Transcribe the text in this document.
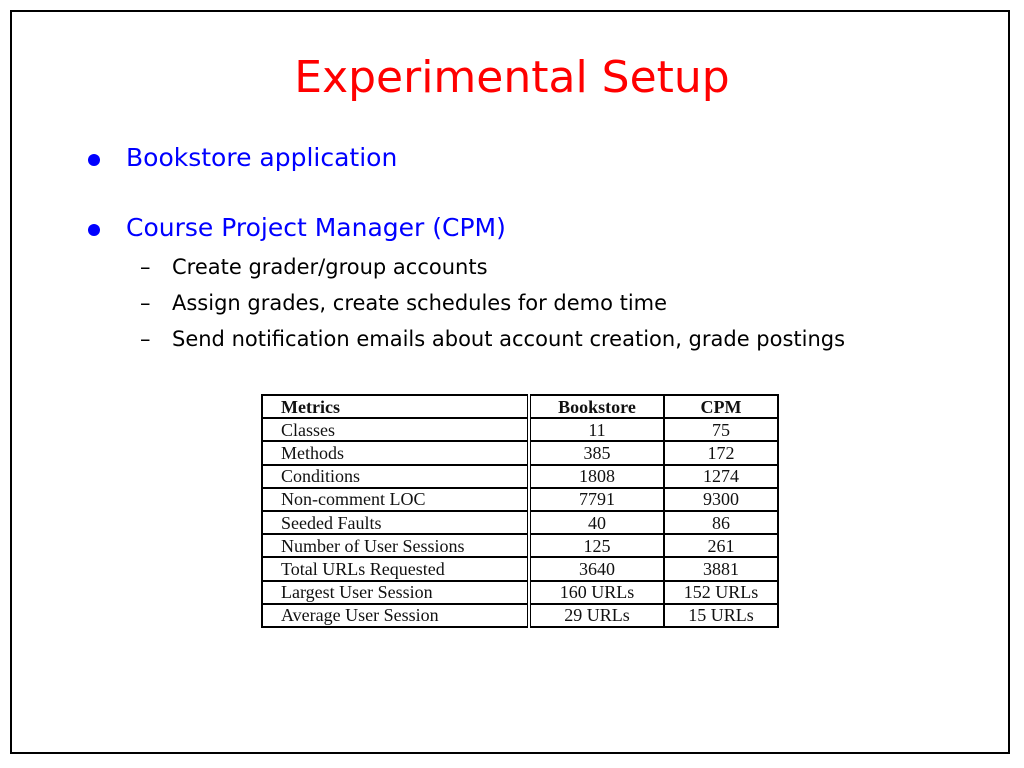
Experimental Setup
Bookstore application
Course Project Manager (CPM)
– Create grader/group accounts
– Assign grades, create schedules for demo time
– Send notification emails about account creation, grade postings
Metrics	Bookstore	CPM
Classes	11	75
Methods	385	172
Conditions	1808	1274
Non-comment LOC	7791	9300
Seeded Faults	40	86
Number of User Sessions	125	261
Total URLs Requested	3640	3881
Largest User Session	160 URLs	152 URLs
Average User Session	29 URLs	15 URLs
